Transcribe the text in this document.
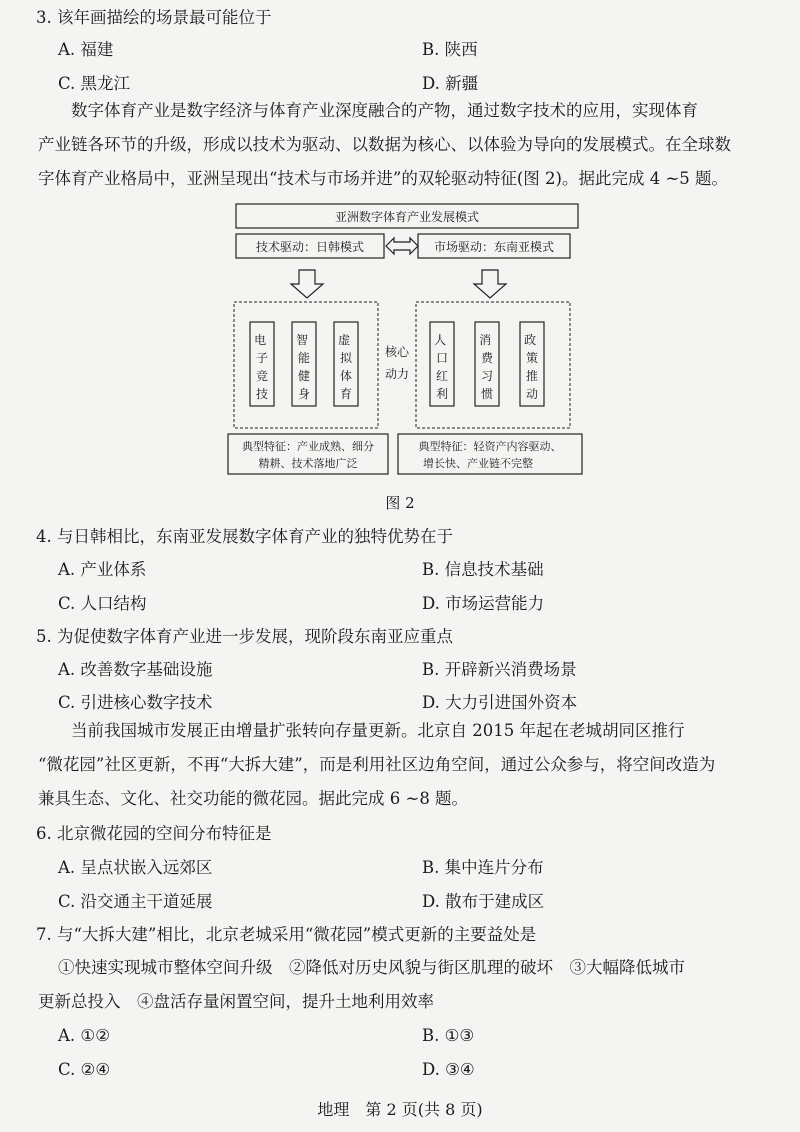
3. 该年画描绘的场景最可能位于
A. 福建	B. 陕西
C. 黑龙江	D. 新疆
数字体育产业是数字经济与体育产业深度融合的产物，通过数字技术的应用，实现体育
产业链各环节的升级，形成以技术为驱动、以数据为核心、以体验为导向的发展模式。在全球数
字体育产业格局中，亚洲呈现出“技术与市场并进”的双轮驱动特征(图 2)。据此完成 4 ~5 题。
亚洲数字体育产业发展模式
技术驱动：日韩模式	市场驱动：东南亚模式
电 子竞技
智 能健身
虚 拟体育
人 口红利
消 费习惯
政 策推动
核心
动力
典型特征：产业成熟、细分
精耕、技术落地广泛
典型特征：轻资产内容驱动、
增长快、产业链不完整
图 2
4. 与日韩相比，东南亚发展数字体育产业的独特优势在于
A. 产业体系	B. 信息技术基础
C. 人口结构	D. 市场运营能力
5. 为促使数字体育产业进一步发展，现阶段东南亚应重点
A. 改善数字基础设施	B. 开辟新兴消费场景
C. 引进核心数字技术	D. 大力引进国外资本
当前我国城市发展正由增量扩张转向存量更新。北京自 2015 年起在老城胡同区推行
“微花园”社区更新，不再“大拆大建”，而是利用社区边角空间，通过公众参与，将空间改造为
兼具生态、文化、社交功能的微花园。据此完成 6 ~8 题。
6. 北京微花园的空间分布特征是
A. 呈点状嵌入远郊区	B. 集中连片分布
C. 沿交通主干道延展	D. 散布于建成区
7. 与“大拆大建”相比，北京老城采用“微花园”模式更新的主要益处是
①快速实现城市整体空间升级　②降低对历史风貌与街区肌理的破坏　③大幅降低城市
更新总投入　④盘活存量闲置空间，提升土地利用效率
A. ①②	B. ①③
C. ②④	D. ③④
地理　第 2 页(共 8 页)
